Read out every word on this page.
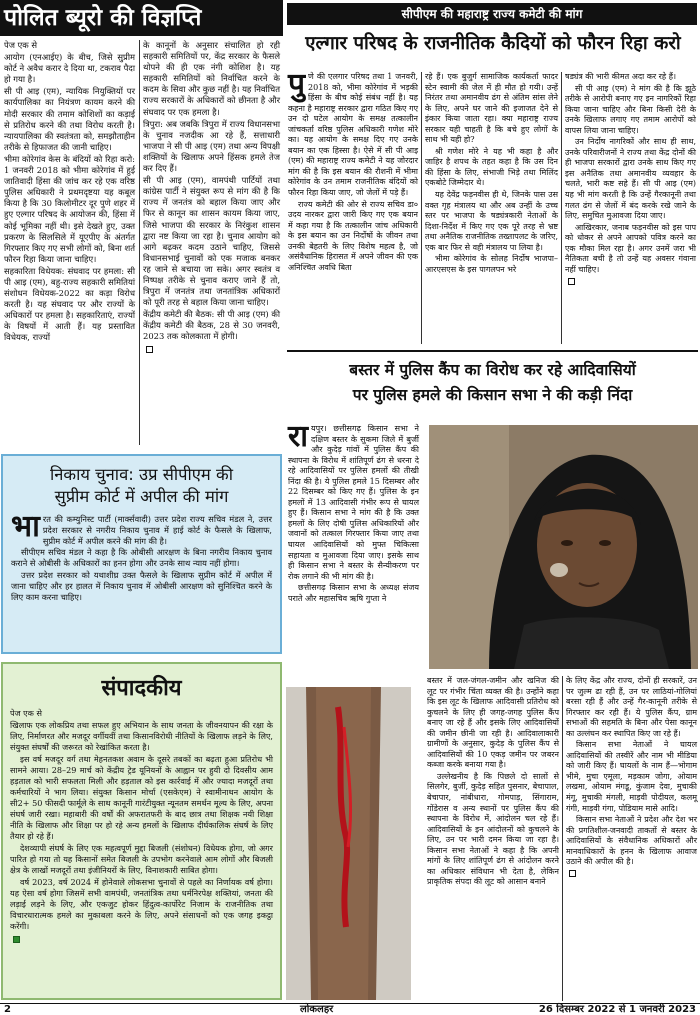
पोलित ब्यूरो की विज्ञप्ति

पेज एक से

आयोग (एनआईए) के बीच, जिसे सुप्रीम कोर्ट ने अवैध करार दे दिया था, टकराव पैदा हो गया है।

सी पी आइ (एम), न्यायिक नियुक्तियों पर कार्यपालिका का नियंत्रण कायम करने की मोदी सरकार की तमाम कोशिशों का कड़ाई से प्रतिरोध करने की तथा विरोध करती है। न्यायपालिका की स्वतंत्रता को, समझौताहीन तरीके से हिफाजत की जानी चाहिए।

भीमा कोरेगांव केस के बंदियों को रिहा करो: 1 जनवरी 2018 को भीमा कोरेगांव में हुई जातिवादी हिंसा की जांच कर रहे एक वरिष्ठ पुलिस अधिकारी ने प्रथमदृष्टया यह कबूल किया है कि 30 किलोमीटर दूर पुणे शहर में हुए एल्गार परिषद के आयोजन की, हिंसा में कोई भूमिका नहीं थी। इसे देखते हुए, उक्त प्रकरण के सिलसिले में यूएपीए के अंतर्गत गिरफ्तार किए गए सभी लोगों को, बिना शर्त फौरन रिहा किया जाना चाहिए।

सहकारिता विधेयक: संघवाद पर हमला: सी पी आइ (एम), बहु-राज्य सहकारी समितियां संशोधन विधेयक-2022 का कड़ा विरोध करती है। यह संघवाद पर और राज्यों के अधिकारों पर हमला है। सहकारिताएं, राज्यों के विषयों में आती हैं। यह प्रस्तावित विधेयक, राज्यों

के कानूनों के अनुसार संचालित हो रही सहकारी समितियों पर, केंद्र सरकार के फैसले थोपने की ही एक नंगी कोशिश है। यह सहकारी समितियों को निर्वाचित करने के कदम के सिवा और कुछ नहीं है। यह निर्वाचित राज्य सरकारों के अधिकारों को छीनता है और संघवाद पर एक हमला है।

त्रिपुरा: अब जबकि त्रिपुरा में राज्य विधानसभा के चुनाव नजदीक आ रहे हैं, सत्ताधारी भाजपा ने सी पी आइ (एम) तथा अन्य विपक्षी शक्तियों के खिलाफ अपने हिंसक हमले तेज कर दिए हैं।

सी पी आइ (एम), वामपंथी पार्टियों तथा कांग्रेस पार्टी ने संयुक्त रूप से मांग की है कि राज्य में जनतंत्र को बहाल किया जाए और फिर से कानून का शासन कायम किया जाए, जिसे भाजपा की सरकार के निरंकुश शासन द्वारा नष्ट किया जा रहा है। चुनाव आयोग को आगे बढ़कर कदम उठाने चाहिए, जिससे विधानसभाई चुनावों को एक मजाक बनकर रह जाने से बचाया जा सके। अगर स्वतंत्र व निष्पक्ष तरीके से चुनाव कराए जाने हैं तो, त्रिपुरा में जनतंत्र तथा जनतांत्रिक अधिकारों को पूरी तरह से बहाल किया जाना चाहिए।

केंद्रीय कमेटी की बैठक: सी पी आइ (एम) की केंद्रीय कमेटी की बैठक, 28 से 30 जनवरी, 2023 तक कोलकाता में होगी।

निकाय चुनाव: उप्र सीपीएम की
सुप्रीम कोर्ट में अपील की मांग

भारत की कम्युनिस्ट पार्टी (मार्क्सवादी) उत्तर प्रदेश राज्य सचिव मंडल ने, उत्तर प्रदेश सरकार से नगरीय निकाय चुनाव में हाई कोर्ट के फैसले के खिलाफ, सुप्रीम कोर्ट में अपील करने की मांग की है।

सीपीएम सचिव मंडल ने कहा है कि ओबीसी आरक्षण के बिना नगरीय निकाय चुनाव कराने से ओबीसी के अधिकारों का हनन होगा और उनके साथ न्याय नहीं होगा।

उत्तर प्रदेश सरकार को यथाशीघ्र उक्त फैसले के खिलाफ सुप्रीम कोर्ट में अपील में जाना चाहिए और हर हालत में निकाय चुनाव में ओबीसी आरक्षण को सुनिश्चित करने के लिए काम करना चाहिए।

संपादकीय

पेज एक से

खिलाफ एक लोकप्रिय तथा सफल हुए अभियान के साथ जनता के जीवनयापन की रक्षा के लिए, निर्माणरत और मजदूर वर्गीयवीं तथा किसानविरोधी नीतियों के खिलाफ लड़ने के लिए, संयुक्त संघर्षों की जरूरत को रेखांकित करता है।

इस वर्ष मजदूर वर्ग तथा मेहनतकश अवाम के दूसरे तबकों का बढ़ता हुआ प्रतिरोध भी सामने आया। 28–29 मार्च को केंद्रीय ट्रेड यूनियनों के आह्वान पर हुयी दो दिवसीय आम हड़ताल को भारी सफलता मिली और हड़ताल को इस कार्रवाई में और ज्यादा मजदूरों तथा कर्मचारियों ने भाग लिया। संयुक्त किसान मोर्चा (एसकेएम) ने स्वामीनाथन आयोग के सी2+ 50 फीसदी फार्मूले के साथ कानूनी गारंटीयुक्त न्यूनतम समर्थन मूल्य के लिए, अपना संघर्ष जारी रखा। महाबारी की वर्षों की अफरातफरी के बाद छात्र तथा शिक्षक नयी शिक्षा नीति के खिलाफ और शिक्षा पर हो रहे अन्य हमलों के खिलाफ दीर्घकालिक संघर्ष के लिए तैयार हो रहे हैं।

देशव्यापी संघर्ष के लिए एक महत्वपूर्ण मुद्दा बिजली (संशोधन) विधेयक होगा, जो अगर पारित हो गया तो यह किसानों समेत बिजली के उपभोग करनेवाले आम लोगों और बिजली क्षेत्र के लाखों मजदूरों तथा इंजीनियरों के लिए, विनाशकारी साबित होगा।

वर्ष 2023, वर्ष 2024 में होनेवाले लोकसभा चुनावों से पहले का निर्णायक वर्ष होगा। यह ऐसा वर्ष होगा जिसमें सभी वामपंथी, जनतांत्रिक तथा धर्मनिरपेक्ष शक्तियां, जनता की लड़ाई लड़ने के लिए, और एकजुट होकर हिंदुत्व-कार्पोरेट निजाम के राजनीतिक तथा विचारधारात्मक हमले का मुकाबला करने के लिए, अपने संसाधनों को एक जगह इकट्ठा करेंगी।

सीपीएम की महाराष्ट्र राज्य कमेटी की मांग
एल्गार परिषद के राजनीतिक कैदियों को फौरन रिहा करो

पुणे की एलगार परिषद तथा 1 जनवरी, 2018 को, भीमा कोरेगांव में भड़की हिंसा के बीच कोई संबंध नहीं है। यह कहना है महाराष्ट्र सरकार द्वारा गठित किए गए उन दो घटेल आयोग के समक्ष तत्कालीन जांचकर्ता वरिष्ठ पुलिस अधिकारी गणेश मोरे का। यह आयोग के समक्ष दिए गए उनके बयान का एक हिस्सा है। ऐसे में सी पी आइ (एम) की महाराष्ट्र राज्य कमेटी ने यह जोरदार मांग की है कि इस बयान की रौशनी में भीमा कोरेगांव के उन तमाम राजनीतिक बंदियों को फौरन रिहा किया जाए, जो जेलों में पड़े हैं।

राज्य कमेटी की ओर से राज्य सचिव डा० उदय नारकर द्वारा जारी किए गए एक बयान में कहा गया है कि तत्कालीन जांच अधिकारी के इस बयान का उन निर्दोषों के जीवन तथा उनकी बेहतरी के लिए विशेष महत्व है, जो असंवैधानिक हिरासत में अपने जीवन की एक अनिश्चित अवधि बिता

रहे हैं। एक बुजुर्ग सामाजिक कार्यकर्ता फादर स्टेन स्वामी की जेल में ही मौत हो गयी। उन्हें निरंतर तथा अमानवीय ढंग से अंतिम सांस लेने के लिए, अपने घर जाने की इजाजत देने से इंकार किया जाता रहा। क्या महाराष्ट्र राज्य सरकार यही चाहती है कि बचे हुए लोगों के साथ भी यही हो?

श्री गणेश मोरे ने यह भी कहा है और जाहिर है शपथ के तहत कहा है कि उस दिन की हिंसा के लिए, संभाजी भिड़े तथा मिलिंद एकबोटे जिम्मेदार थे।

यह देवेंद्र फड़नवीस ही थे, जिनके पास उस वक्त गृह मंत्रालय था और अब उन्हीं के उच्च स्तर पर भाजपा के षड्यंत्रकारी नेताओं के दिशा-निर्देश में किए गए एक पूरे तरह से भ्रष्ट तथा अनैतिक राजनीतिक तख्तापलट के जरिए, एक बार फिर से वही मंत्रालय पा लिया है।

भीमा कोरेगांव के सोलह निर्दोष भाजपा–आरएसएस के इस पागलपन भरे

षड्यंत्र की भारी कीमत अदा कर रहे हैं।

सी पी आइ (एम) ने मांग की है कि झूठे तरीके से आरोपी बनाए गए इन नागरिकों रिहा किया जाना चाहिए और बिना किसी देरी के उनके खिलाफ लगाए गए तमाम आरोपों को वापस लिया जाना चाहिए।

उन निर्दोष नागरिकों और साथ ही साथ, उनके परिवारीजनों ने राज्य तथा केंद्र दोनों की ही भाजपा सरकारों द्वारा उनके साथ किए गए इस अनैतिक तथा अमानवीय व्यवहार के चलते, भारी कष्ट सहे हैं। सी पी आइ (एम) यह भी मांग करती है कि उन्हें गैरकानूनी तथा गलत ढंग से जेलों में बंद करके रखे जाने के लिए, समुचित मुआवजा दिया जाए।

आखिरकार, जनाब फड़नवीस को इस पाप को धोकर से अपने आपको पवित्र करने का एक मौका मिल रहा है। अगर उनमें जरा भी नैतिकता बची है तो उन्हें यह अवसर गंवाना नहीं चाहिए।

बस्तर में पुलिस कैंप का विरोध कर रहे आदिवासियों
पर पुलिस हमले की किसान सभा ने की कड़ी निंदा

रायपुर। छत्तीसगढ़ किसान सभा ने दक्षिण बस्तर के सुकमा जिले में बुर्जी और कुदेड़ गांवों में पुलिस कैंप की स्थापना के विरोध में शांतिपूर्ण ढंग से धरना दे रहे आदिवासियों पर पुलिस हमलों की तीखी निंदा की है। ये पुलिस हमले 15 दिसम्बर और 22 दिसम्बर को किए गए हैं। पुलिस के इन हमलों में 13 आदिवासी गंभीर रूप से घायल हुए हैं। किसान सभा ने मांग की है कि उक्त हमलों के लिए दोषी पुलिस अधिकारियों और जवानों को तत्काल गिरफ्तार किया जाए तथा घायल आदिवासियों को मुफ्त चिकित्सा सहायता व मुआवजा दिया जाए। इसके साथ ही किसान सभा ने बस्तर के सैन्यीकरण पर रोक लगाने की भी मांग की है।

छत्तीसगढ़ किसान सभा के अध्यक्ष संजय पराते और महासचिव ऋषि गुप्ता ने

बस्तर में जल-जंगल-जमीन और खनिज की लूट पर गंभीर चिंता व्यक्त की है। उन्होंने कहा कि इस लूट के खिलाफ आदिवासी प्रतिरोध को कुचलने के लिए ही जगह-जगह पुलिस कैंप बनाए जा रहे हैं और इसके लिए आदिवासियों की जमीन छीनी जा रही है। आदिवालाकारी ग्रामीणों के अनुसार, कुदेड़ के पुलिस कैंप से आदिवासियों की 10 एकड़ जमीन पर जबरन कब्जा करके बनाया गया है।

उल्लेखनीय है कि पिछले दो सालों से सिलगेर, बुर्जी, कुदेड़ सहित पुसनार, बेचापाल, बेचापार, नांबीधारा, गोमपाड़, सिंगाराम, गोंडेरास व अन्य स्थानों पर पुलिस कैंप की स्थापना के विरोध में, आंदोलन चल रहे हैं। आदिवासियों के इन आंदोलनों को कुचलने के लिए, उन पर भारी दमन किया जा रहा है। किसान सभा नेताओं ने कहा है कि अपनी मांगों के लिए शांतिपूर्ण ढंग से आंदोलन करने का अधिकार संविधान भी देता है, लेकिन प्राकृतिक संपदा की लूट को आसान बनाने

के लिए केंद्र और राज्य, दोनों ही सरकारें, उन पर जुल्म ढा रही हैं, उन पर लाठियां-गोलियां बरसा रही हैं और उन्हें गैर-कानूनी तरीके से गिरफ्तार कर रही हैं। ये पुलिस कैंप, ग्राम सभाओं की सहमति के बिना और पेसा कानून का उल्लंघन कर स्थापित किए जा रहे हैं।

किसान सभा नेताओं ने घायल आदिवासियों की तस्वीरें और नाम भी मीडिया को जारी किए हैं। घायलों के नाम हैं—भोगाम भीमे, मुचा एमूला, मड़काम जोगा, ओयाम लखमा, ओयाम मंगडू, कुंजाम देवा, मुचाकी मंगू, मुचाकी मंगली, माड़वी पोदीयल, कलमू गंगी, माड़वी गंगा, पोडियाम मासे आदि।

किसान सभा नेताओं ने प्रदेश और देश भर की प्रगतिशील-जनवादी ताकतों से बस्तर के आदिवासियों के संवैधानिक अधिकारों और मानवाधिकारों के हनन के खिलाफ आवाज उठाने की अपील की है।

2	लोकलहर	26 दिसम्बर 2022 से 1 जनवरी 2023
